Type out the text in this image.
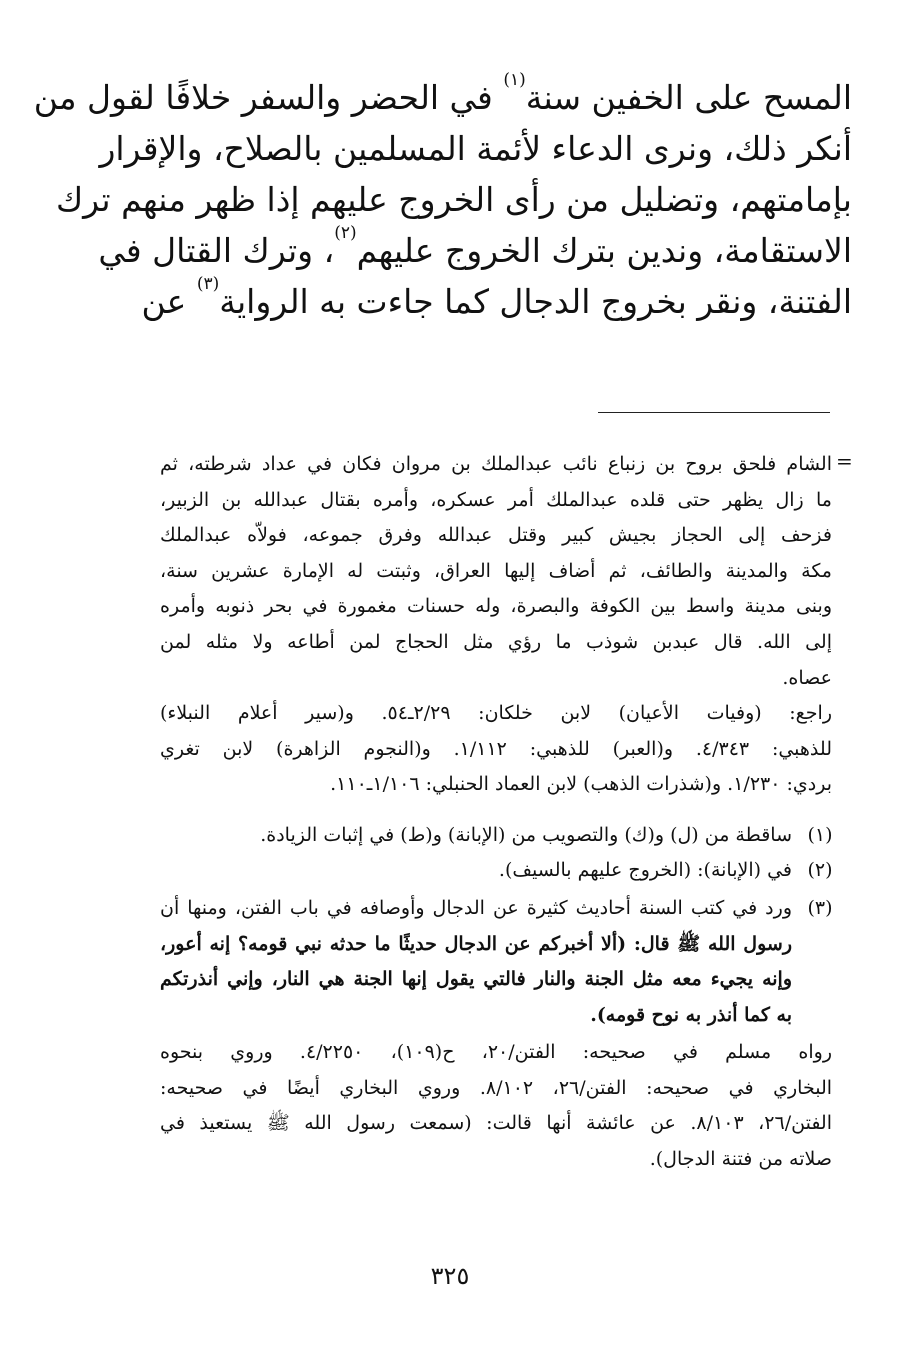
المسح على الخفين سنة$^{(١)}$ في الحضر والسفر خلافًا لقول من
أنكر ذلك، ونرى الدعاء لأئمة المسلمين بالصلاح، والإقرار
بإمامتهم، وتضليل من رأى الخروج عليهم إذا ظهر منهم ترك
الاستقامة، وندين بترك الخروج عليهم$^{(٢)}$، وترك القتال في
الفتنة، ونقر بخروج الدجال كما جاءت به الرواية$^{(٣)}$ عن
=
الشام فلحق بروح بن زنباع نائب عبدالملك بن مروان فكان في عداد شرطته، ثم
ما زال يظهر حتى قلده عبدالملك أمر عسكره، وأمره بقتال عبدالله بن الزبير،
فزحف إلى الحجاز بجيش كبير وقتل عبدالله وفرق جموعه، فولاّه عبدالملك
مكة والمدينة والطائف، ثم أضاف إليها العراق، وثبتت له الإمارة عشرين سنة،
وبنى مدينة واسط بين الكوفة والبصرة، وله حسنات مغمورة في بحر ذنوبه وأمره
إلى الله. قال عبدبن شوذب ما رؤي مثل الحجاج لمن أطاعه ولا مثله لمن
عصاه.
راجع: (وفيات الأعيان) لابن خلكان: ٢/٢٩ـ٥٤. و(سير أعلام النبلاء)
للذهبي: ٤/٣٤٣. و(العبر) للذهبي: ١/١١٢. و(النجوم الزاهرة) لابن تغري
بردي: ١/٢٣٠. و(شذرات الذهب) لابن العماد الحنبلي: ١/١٠٦ـ١١٠.
(١)
ساقطة من (ل) و(ك) والتصويب من (الإبانة) و(ط) في إثبات الزيادة.
(٢)
في (الإبانة): (الخروج عليهم بالسيف).
(٣)
ورد في كتب السنة أحاديث كثيرة عن الدجال وأوصافه في باب الفتن، ومنها أن
رسول الله ﷺ قال: (ألا أخبركم عن الدجال حديثًا ما حدثه نبي قومه؟ إنه أعور،
وإنه يجيء معه مثل الجنة والنار فالتي يقول إنها الجنة هي النار، وإني أنذرتكم
به كما أنذر به نوح قومه).
رواه مسلم في صحيحه: الفتن/٢٠، ح(١٠٩)، ٤/٢٢٥٠. وروي بنحوه
البخاري في صحيحه: الفتن/٢٦، ٨/١٠٢. وروي البخاري أيضًا في صحيحه:
الفتن/٢٦، ٨/١٠٣. عن عائشة أنها قالت: (سمعت رسول الله ﷺ يستعيذ في
صلاته من فتنة الدجال).
٣٢٥
